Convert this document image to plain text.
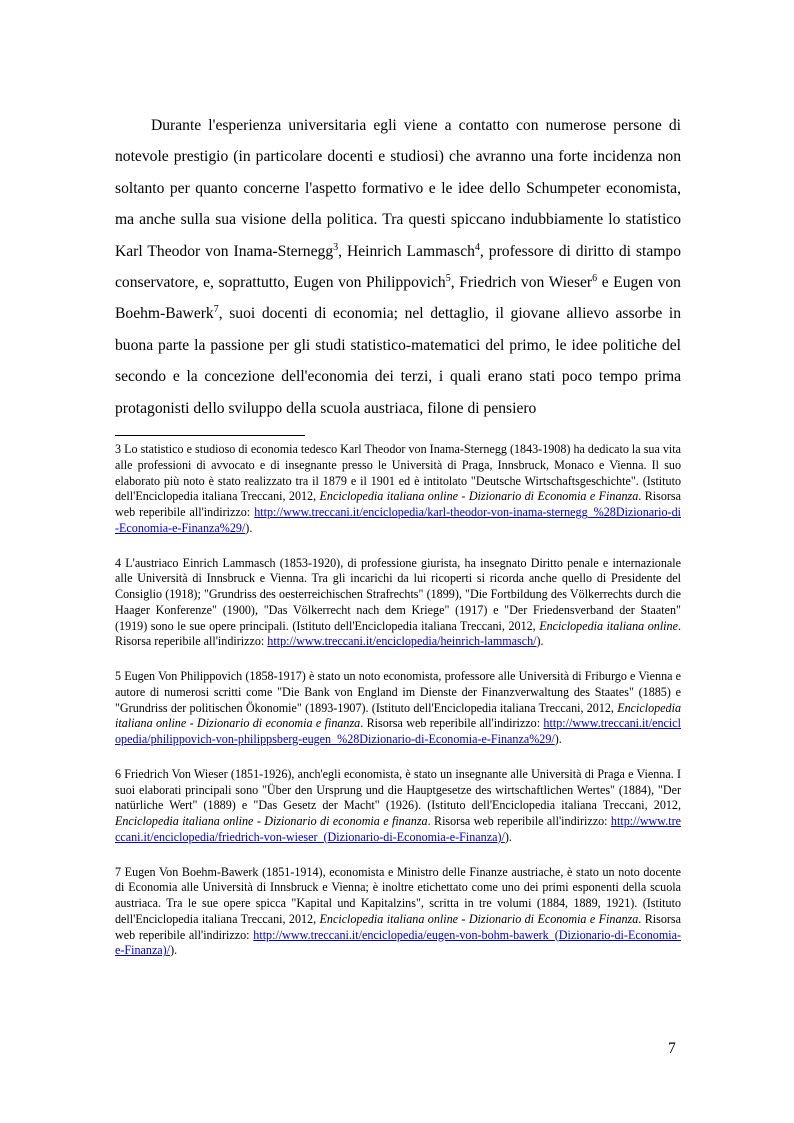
Durante l'esperienza universitaria egli viene a contatto con numerose persone di notevole prestigio (in particolare docenti e studiosi) che avranno una forte incidenza non soltanto per quanto concerne l'aspetto formativo e le idee dello Schumpeter economista, ma anche sulla sua visione della politica. Tra questi spiccano indubbiamente lo statistico Karl Theodor von Inama-Sternegg$^3$, Heinrich Lammasch$^4$, professore di diritto di stampo conservatore, e, soprattutto, Eugen von Philippovich$^5$, Friedrich von Wieser$^6$ e Eugen von Boehm-Bawerk$^7$, suoi docenti di economia; nel dettaglio, il giovane allievo assorbe in buona parte la passione per gli studi statistico-matematici del primo, le idee politiche del secondo e la concezione dell'economia dei terzi, i quali erano stati poco tempo prima protagonisti dello sviluppo della scuola austriaca, filone di pensiero

3 Lo statistico e studioso di economia tedesco Karl Theodor von Inama-Sternegg (1843-1908) ha dedicato la sua vita alle professioni di avvocato e di insegnante presso le Università di Praga, Innsbruck, Monaco e Vienna. Il suo elaborato più noto è stato realizzato tra il 1879 e il 1901 ed è intitolato "Deutsche Wirtschaftsgeschichte". (Istituto dell'Enciclopedia italiana Treccani, 2012, Enciclopedia italiana online - Dizionario di Economia e Finanza. Risorsa web reperibile all'indirizzo: http://www.treccani.it/enciclopedia/karl-theodor-von-inama-sternegg_%28Dizionario-di-Economia-e-Finanza%29/).

4 L'austriaco Einrich Lammasch (1853-1920), di professione giurista, ha insegnato Diritto penale e internazionale alle Università di Innsbruck e Vienna. Tra gli incarichi da lui ricoperti si ricorda anche quello di Presidente del Consiglio (1918); "Grundriss des oesterreichischen Strafrechts" (1899), "Die Fortbildung des Völkerrechts durch die Haager Konferenze" (1900), "Das Völkerrecht nach dem Kriege" (1917) e "Der Friedensverband der Staaten" (1919) sono le sue opere principali. (Istituto dell'Enciclopedia italiana Treccani, 2012, Enciclopedia italiana online. Risorsa reperibile all'indirizzo: http://www.treccani.it/enciclopedia/heinrich-lammasch/).

5 Eugen Von Philippovich (1858-1917) è stato un noto economista, professore alle Università di Friburgo e Vienna e autore di numerosi scritti come "Die Bank von England im Dienste der Finanzverwaltung des Staates" (1885) e "Grundriss der politischen Ökonomie" (1893-1907). (Istituto dell'Enciclopedia italiana Treccani, 2012, Enciclopedia italiana online - Dizionario di economia e finanza. Risorsa web reperibile all'indirizzo: http://www.treccani.it/enciclopedia/philippovich-von-philippsberg-eugen_%28Dizionario-di-Economia-e-Finanza%29/).

6 Friedrich Von Wieser (1851-1926), anch'egli economista, è stato un insegnante alle Università di Praga e Vienna. I suoi elaborati principali sono "Über den Ursprung und die Hauptgesetze des wirtschaftlichen Wertes" (1884), "Der natürliche Wert" (1889) e "Das Gesetz der Macht" (1926). (Istituto dell'Enciclopedia italiana Treccani, 2012, Enciclopedia italiana online - Dizionario di economia e finanza. Risorsa web reperibile all'indirizzo: http://www.treccani.it/enciclopedia/friedrich-von-wieser_(Dizionario-di-Economia-e-Finanza)/).

7 Eugen Von Boehm-Bawerk (1851-1914), economista e Ministro delle Finanze austriache, è stato un noto docente di Economia alle Università di Innsbruck e Vienna; è inoltre etichettato come uno dei primi esponenti della scuola austriaca. Tra le sue opere spicca "Kapital und Kapitalzins", scritta in tre volumi (1884, 1889, 1921). (Istituto dell'Enciclopedia italiana Treccani, 2012, Enciclopedia italiana online - Dizionario di Economia e Finanza. Risorsa web reperibile all'indirizzo: http://www.treccani.it/enciclopedia/eugen-von-bohm-bawerk_(Dizionario-di-Economia-e-Finanza)/).

7
